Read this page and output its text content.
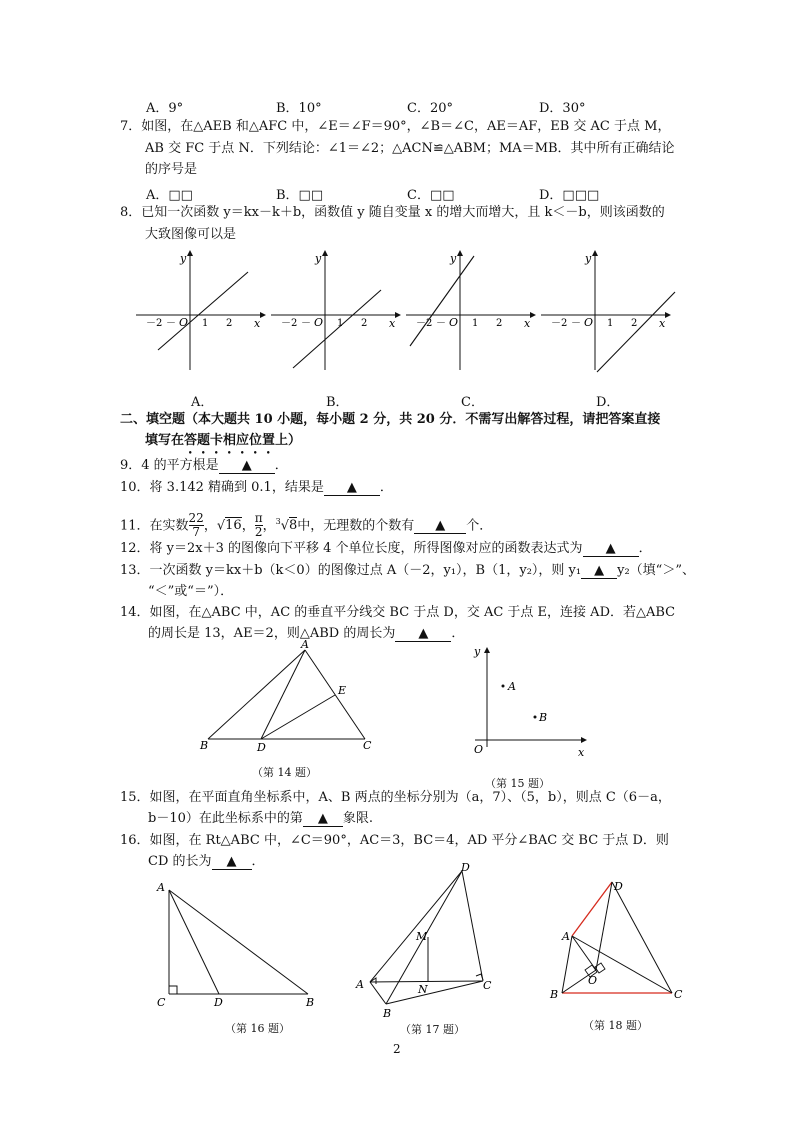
A．9°	B．10°	C．20°	D．30°
7．如图，在△AEB 和△AFC 中，∠E＝∠F＝90°，∠B＝∠C，AE＝AF，EB 交 AC 于点 M，
AB 交 FC 于点 N．下列结论：∠1＝∠2；△ACN≌△ABM；MA＝MB．其中所有正确结论
的序号是
A．□□	B．□□	C．□□	D．□□□
8．已知一次函数 y＝kx－k＋b，函数值 y 随自变量 x 的增大而增大，且 k＜－b，则该函数的
大致图像可以是
y
x
O
－2 －	1 2
A．
y
x
O
－2 －	1 2
B．
y
x
O
－2 －	1 2
C．
y
x
O
－2 －	1 2
D．
二、填空题（本大题共 10 小题，每小题 2 分，共 20 分．不需写出解答过程，请把答案直接
填写在答题卡相应位置上）
9．4 的平方根是 ▲ ．
10．将 3.142 精确到 0.1，结果是 ▲ ．
11．在实数 $\frac{22}{7}$ ，√16， $\frac{\pi}{2}$ ，$^3$√8中，无理数的个数有 ▲ 个．
12．将 y＝2x＋3 的图像向下平移 4 个单位长度，所得图像对应的函数表达式为 ▲ ．
13．一次函数 y＝kx＋b（k＜0）的图像过点 A（－2，y₁），B（1，y₂），则 y₁ ▲ y₂（填“＞”、
“＜”或“＝”）．
14．如图，在△ABC 中，AC 的垂直平分线交 BC 于点 D，交 AC 于点 E，连接 AD．若△ABC
的周长是 13，AE＝2，则△ABD 的周长为 ▲ ．
A
B	D	C
E
（第 14 题）
y
x
O
A
B
（第 15 题）
15．如图，在平面直角坐标系中，A、B 两点的坐标分别为（a，7）、（5，b），则点 C（6－a，
b－10）在此坐标系中的第 ▲ 象限.
16．如图，在 Rt△ABC 中，∠C＝90°，AC＝3，BC＝4，AD 平分∠BAC 交 BC 于点 D．则
CD 的长为 ▲ ．
A
C	D	B
（第 16 题）
D
M
N
A	C
B
（第 17 题）
D
A
O
B	C
（第 18 题）
2
